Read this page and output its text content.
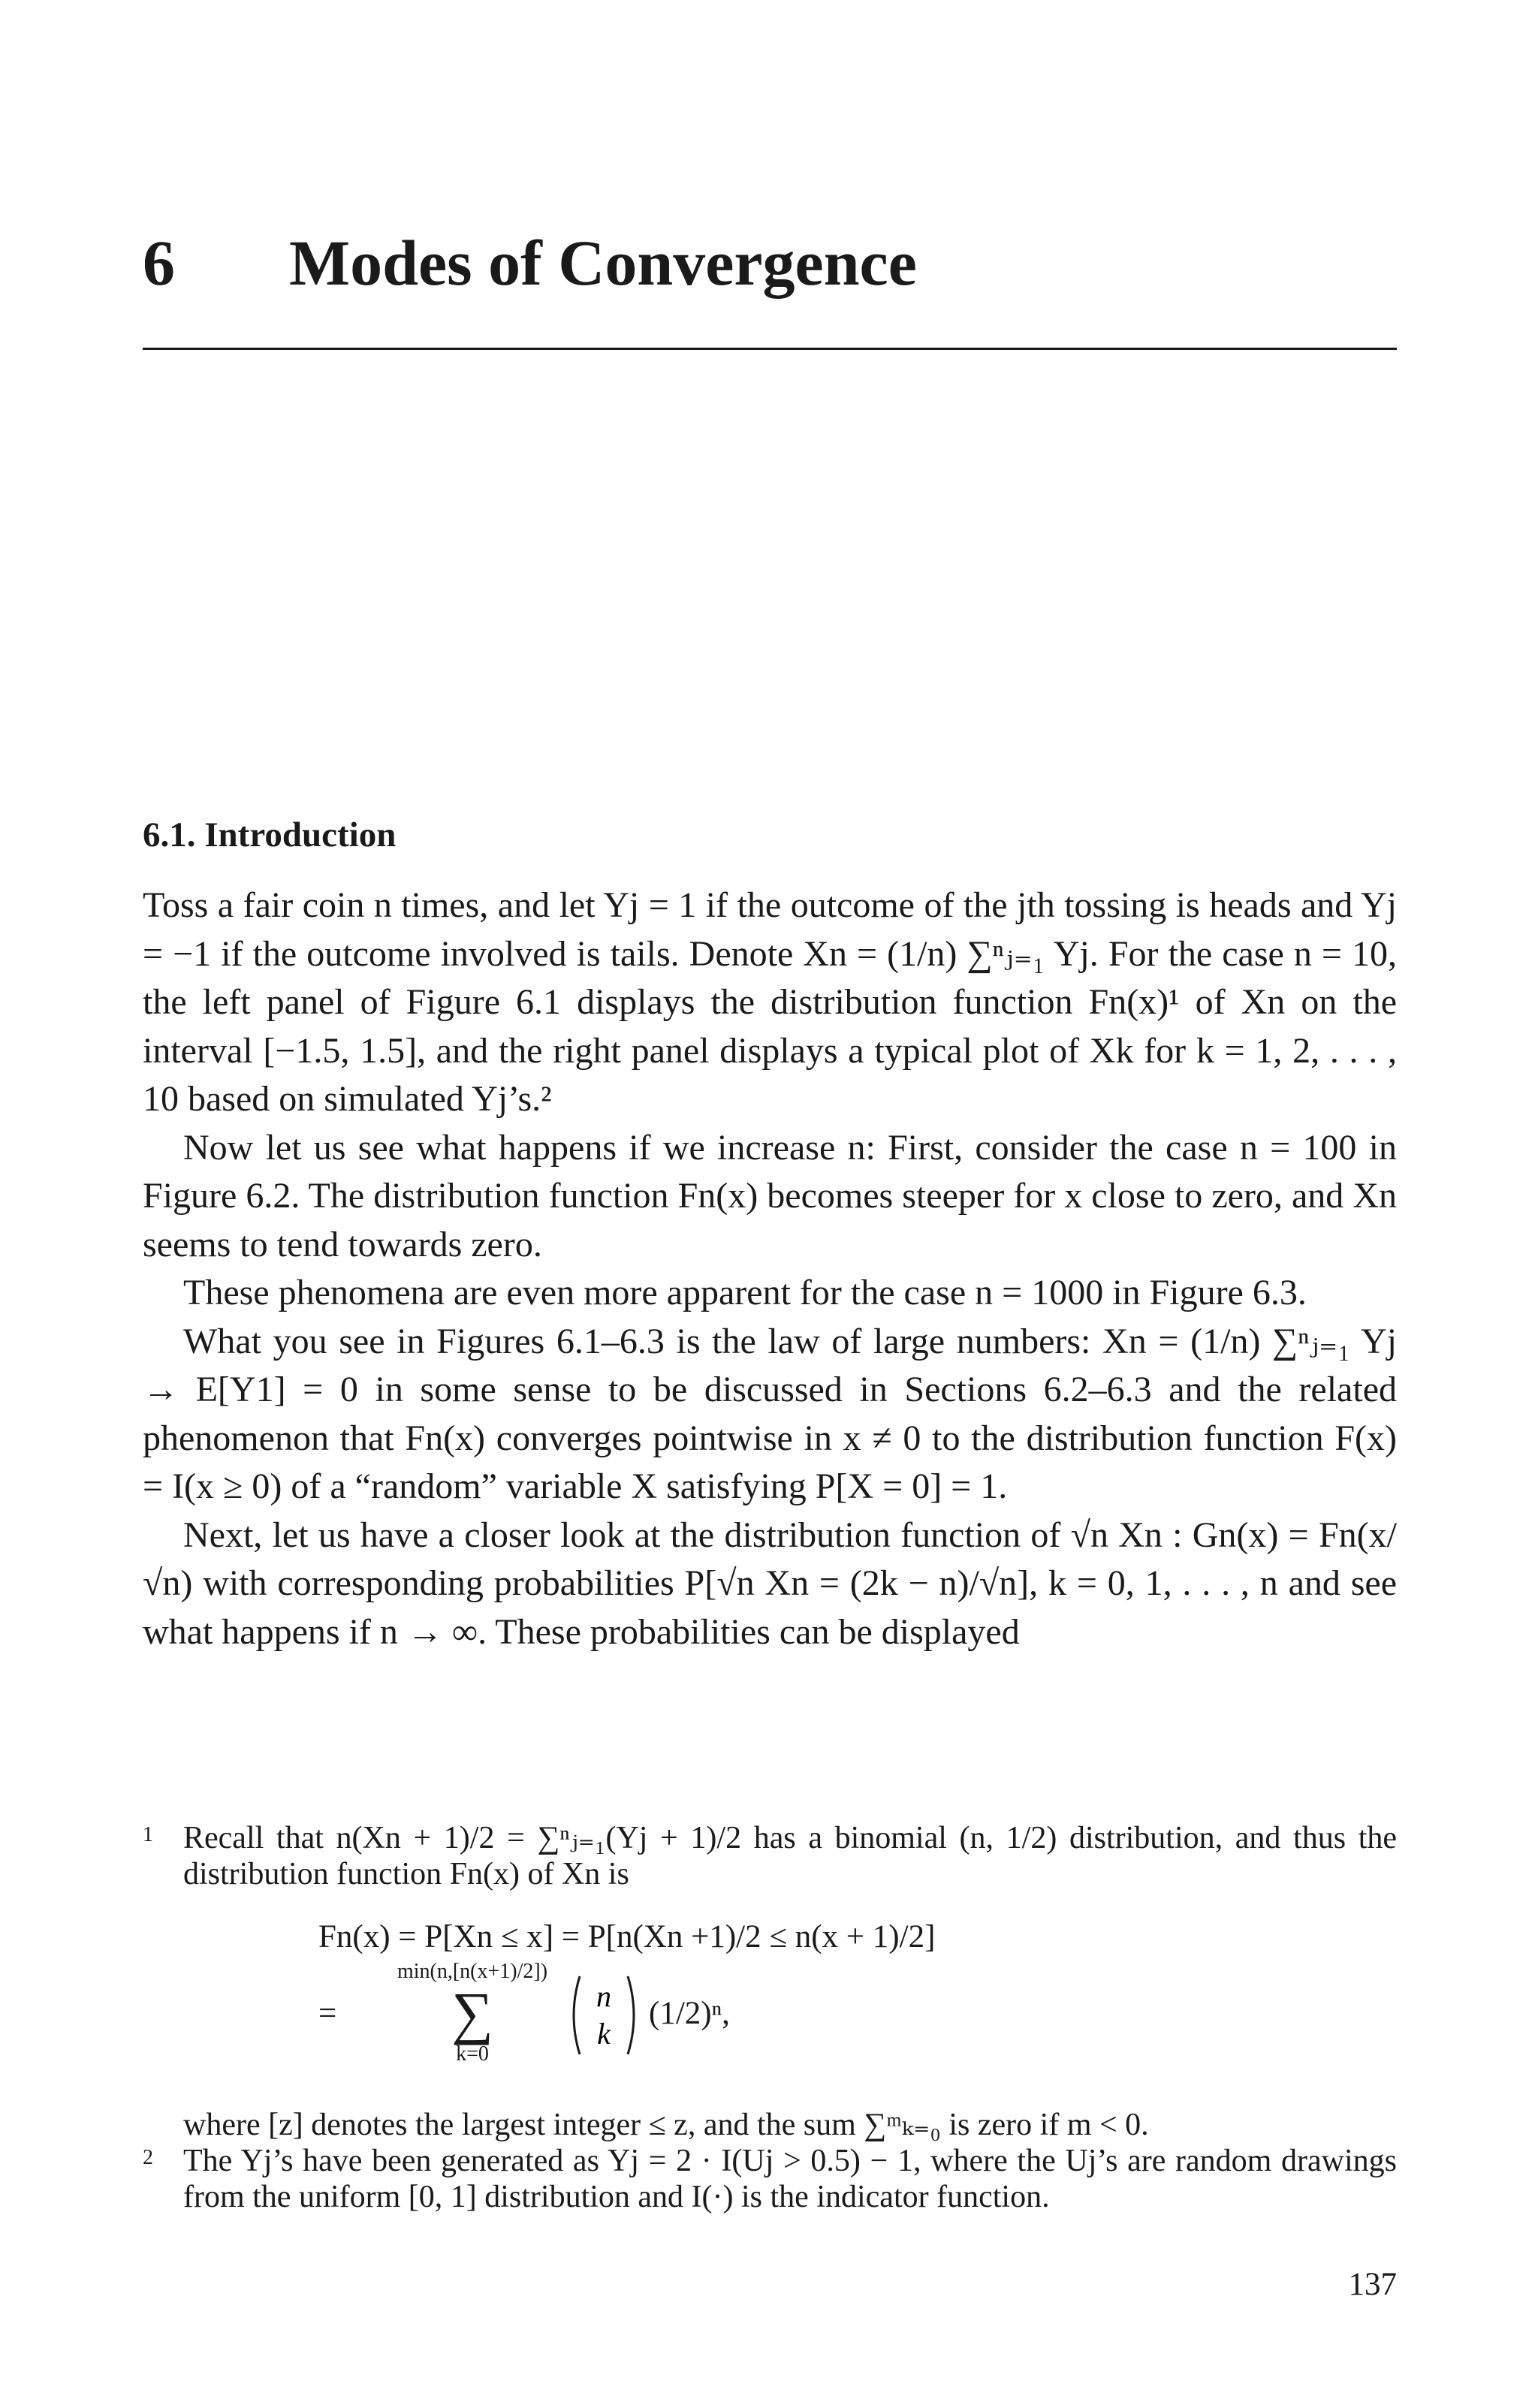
6 Modes of Convergence
6.1. Introduction

Toss a fair coin n times, and let Yj = 1 if the outcome of the jth tossing is heads and Yj = −1 if the outcome involved is tails. Denote Xn = (1/n) ∑ⁿⱼ₌₁ Yj. For the case n = 10, the left panel of Figure 6.1 displays the distribution function Fn(x)¹ of Xn on the interval [−1.5, 1.5], and the right panel displays a typical plot of Xk for k = 1, 2, . . . , 10 based on simulated Yj’s.²

Now let us see what happens if we increase n: First, consider the case n = 100 in Figure 6.2. The distribution function Fn(x) becomes steeper for x close to zero, and Xn seems to tend towards zero.

These phenomena are even more apparent for the case n = 1000 in Figure 6.3.

What you see in Figures 6.1–6.3 is the law of large numbers: Xn = (1/n) ∑ⁿⱼ₌₁ Yj → E[Y1] = 0 in some sense to be discussed in Sections 6.2–6.3 and the related phenomenon that Fn(x) converges pointwise in x ≠ 0 to the distribution function F(x) = I(x ≥ 0) of a “random” variable X satisfying P[X = 0] = 1.

Next, let us have a closer look at the distribution function of √n Xn : Gn(x) = Fn(x/√n) with corresponding probabilities P[√n Xn = (2k − n)/√n], k = 0, 1, . . . , n and see what happens if n → ∞. These probabilities can be displayed

1 Recall that n(Xn + 1)/2 = ∑ⁿⱼ₌₁(Yj + 1)/2 has a binomial (n, 1/2) distribution, and thus the distribution function Fn(x) of Xn is
Fn(x) = P[Xn ≤ x] = P[n(Xn +1)/2 ≤ n(x + 1)/2]
=
min(n,[n(x+1)/2])
∑
k=0
n
k
(1/2)ⁿ,
where [z] denotes the largest integer ≤ z, and the sum ∑ᵐₖ₌₀ is zero if m < 0.
2 The Yj’s have been generated as Yj = 2 · I(Uj > 0.5) − 1, where the Uj’s are random drawings from the uniform [0, 1] distribution and I(·) is the indicator function.
137
